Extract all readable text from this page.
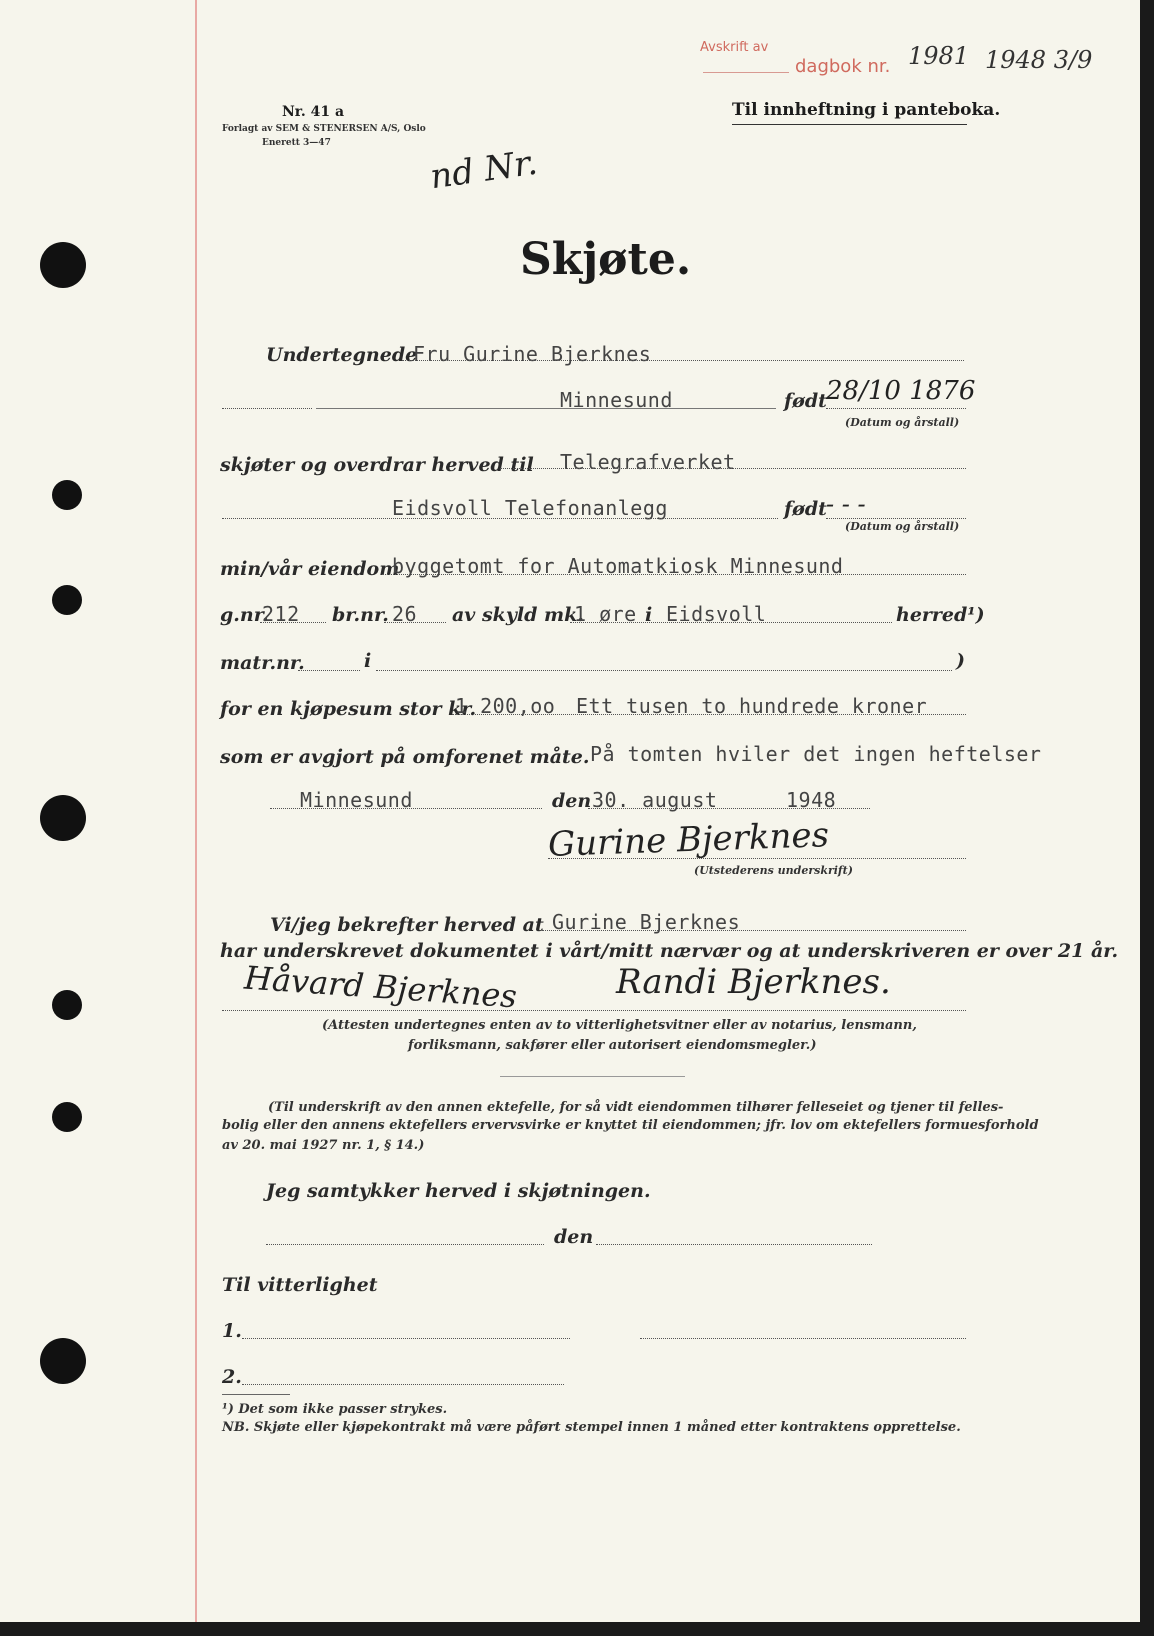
Avskrift av
dagbok nr. 1981 1948 3/9
Nr. 41 a
Forlagt av SEM & STENERSEN A/S, Oslo
Enerett 3—47
Til innheftning i panteboka.
nd Nr.
Skjøte.
Undertegnede
Fru Gurine Bjerknes
Minnesund	født 28/10 1876
(Datum og årstall)
skjøter og overdrar herved til Telegrafverket
Eidsvoll Telefonanlegg	født - - -
(Datum og årstall)
min/vår eiendom
byggetomt for Automatkiosk Minnesund
g.nr.
212 br.nr. 26 av skyld mk.
1 øre i Eidsvoll	herred¹)
matr.nr.	i	)
for en kjøpesum stor kr.
1 200,oo Ett tusen to hundrede kroner
som er avgjort på omforenet måte. På tomten hviler det ingen heftelser
Minnesund	den 30. august	1948
Gurine Bjerknes
(Utstederens underskrift)
Vi/jeg bekrefter herved at Gurine Bjerknes
har underskrevet dokumentet i vårt/mitt nærvær og at underskriveren er over 21 år.
Håvard Bjerknes	Randi Bjerknes.
(Attesten undertegnes enten av to vitterlighetsvitner eller av notarius, lensmann,
forliksmann, sakfører eller autorisert eiendomsmegler.)
(Til underskrift av den annen ektefelle, for så vidt eiendommen tilhører felleseiet og tjener til felles-
bolig eller den annens ektefellers ervervsvirke er knyttet til eiendommen; jfr. lov om ektefellers formuesforhold
av 20. mai 1927 nr. 1, § 14.)
Jeg samtykker herved i skjøtningen.
den
Til vitterlighet
1.
2.
¹) Det som ikke passer strykes.
NB. Skjøte eller kjøpekontrakt må være påført stempel innen 1 måned etter kontraktens opprettelse.
